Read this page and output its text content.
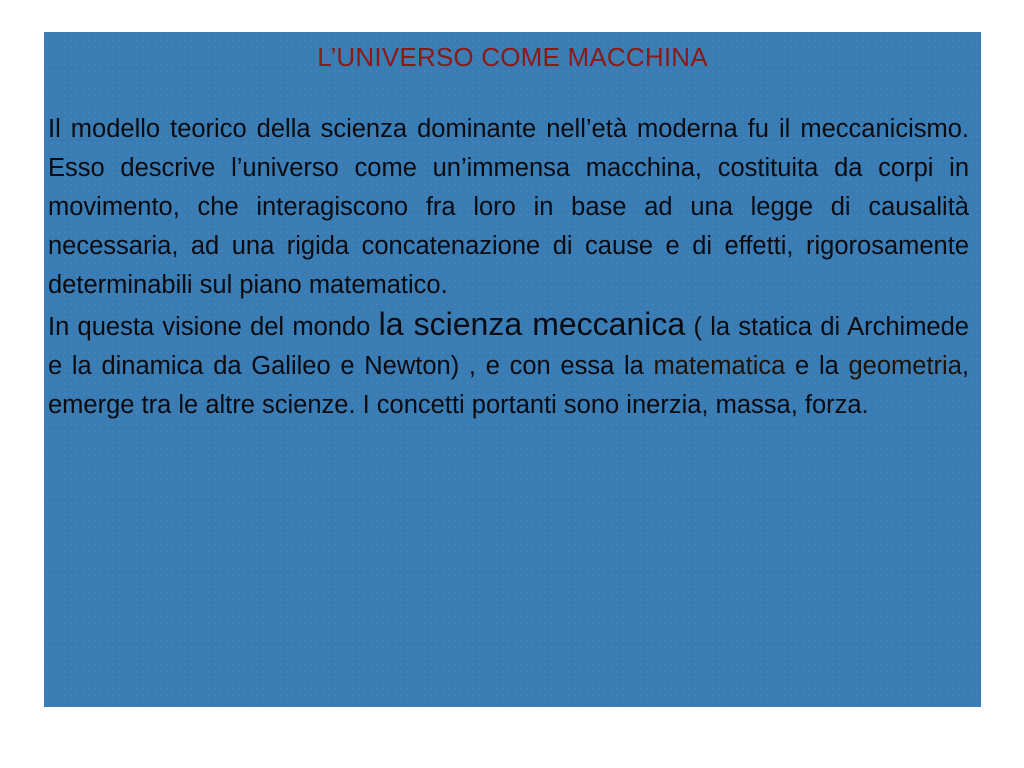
L’UNIVERSO COME MACCHINA

Il modello teorico della scienza dominante nell’età moderna fu il meccanicismo. Esso descrive l’universo come un’immensa macchina, costituita da corpi in movimento, che interagiscono fra loro in base ad una legge di causalità necessaria, ad una rigida concatenazione di cause e di effetti, rigorosamente determinabili sul piano matematico.

In questa visione del mondo la scienza meccanica ( la statica di Archimede e la dinamica da Galileo e Newton) , e con essa la matematica e la geometria, emerge tra le altre scienze. I concetti portanti sono inerzia, massa, forza.
